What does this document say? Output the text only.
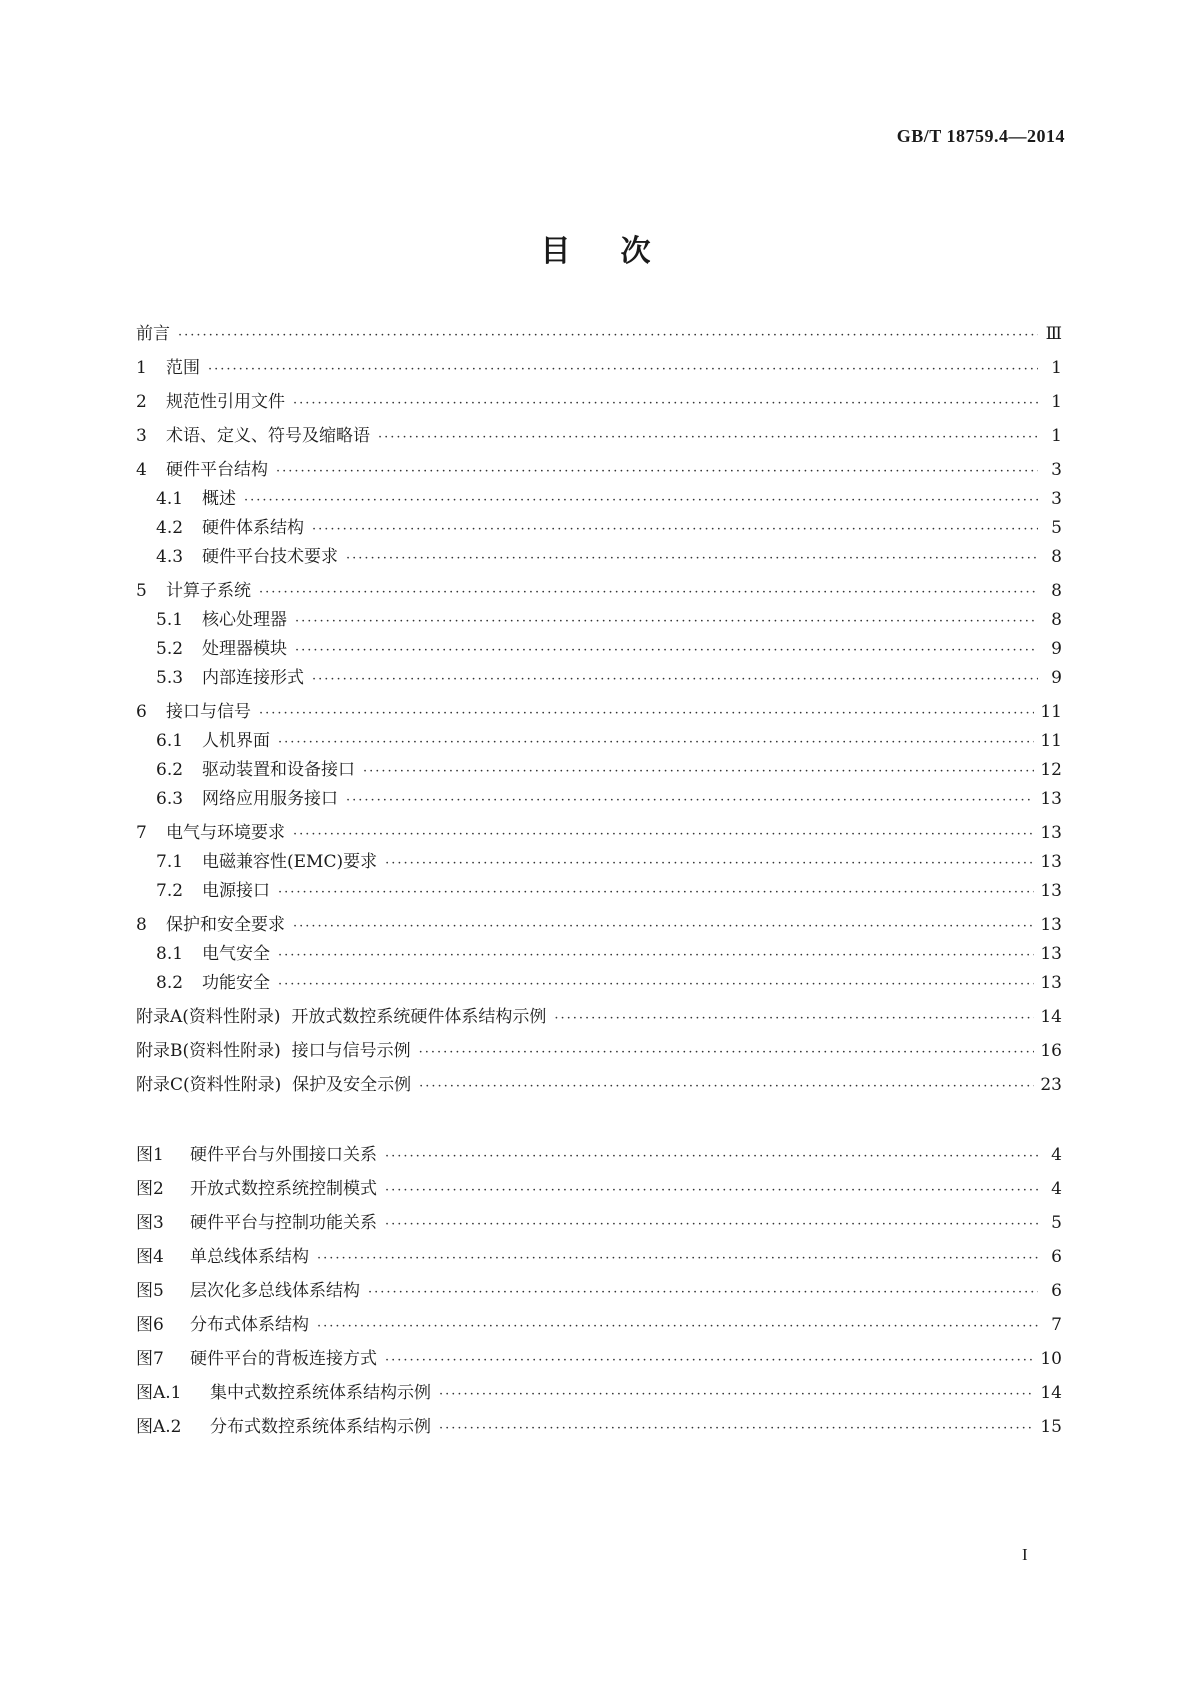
GB/T 18759.4—2014
目次
前言 ·····	Ⅲ
1	范围 ·····	1
2	规范性引用文件 ·····	1
3	术语、定义、符号及缩略语 ·····	1
4	硬件平台结构 ·····	3
4.1	概述 ·····	3
4.2	硬件体系结构 ·····	5
4.3	硬件平台技术要求 ·····	8
5	计算子系统 ·····	8
5.1	核心处理器 ·····	8
5.2	处理器模块 ·····	9
5.3	内部连接形式 ·····	9
6	接口与信号 ·····	11
6.1	人机界面 ·····	11
6.2	驱动装置和设备接口 ·····	12
6.3	网络应用服务接口 ·····	13
7	电气与环境要求 ·····	13
7.1	电磁兼容性(EMC)要求 ·····	13
7.2	电源接口 ·····	13
8	保护和安全要求 ·····	13
8.1	电气安全 ·····	13
8.2	功能安全 ·····	13
附录A(资料性附录)  开放式数控系统硬件体系结构示例 ·····	14
附录B(资料性附录)  接口与信号示例 ·····	16
附录C(资料性附录)  保护及安全示例 ·····	23
图1	硬件平台与外围接口关系 ·····	4
图2	开放式数控系统控制模式 ·····	4
图3	硬件平台与控制功能关系 ·····	5
图4	单总线体系结构 ·····	6
图5	层次化多总线体系结构 ·····	6
图6	分布式体系结构 ·····	7
图7	硬件平台的背板连接方式 ·····	10
图A.1	集中式数控系统体系结构示例 ·····	14
图A.2	分布式数控系统体系结构示例 ·····	15
I
